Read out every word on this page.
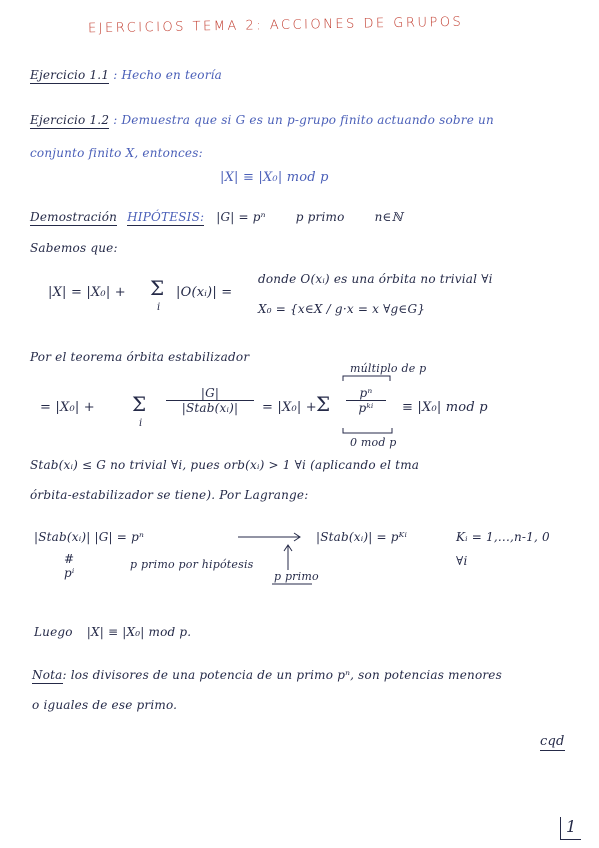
EJERCICIOS TEMA 2: ACCIONES DE GRUPOS
Ejercicio 1.1 : Hecho en teoría
Ejercicio 1.2 : Demuestra que si G es un p-grupo finito actuando sobre un
conjunto finito X, entonces:
|X| ≡ |X₀| mod p
Demostración HIPÓTESIS: |G| = pⁿ	p primo	n∈ℕ
Sabemos que:
|X| = |X₀| + Σ
i
|O(xᵢ)| =
donde O(xᵢ) es una órbita no trivial ∀i
X₀ = {x∈X / g·x = x ∀g∈G}
Por el teorema órbita estabilizador
múltiplo de p
= |X₀| + Σ
i
|G|
|Stab(xᵢ)|	= |X₀| + Σ	pⁿ
pᵏⁱ	≡ |X₀| mod p
0 mod p
Stab(xᵢ) ≤ G no trivial ∀i, pues orb(xᵢ) > 1 ∀i (aplicando el tma
órbita-estabilizador se tiene). Por Lagrange:
|Stab(xᵢ)| |G| = pⁿ	|Stab(xᵢ)| = pᴷⁱ	Kᵢ = 1,...,n-1, 0
#
pⁱ
p primo por hipótesis
p primo
∀i
Luego |X| ≡ |X₀| mod p.
Nota: los divisores de una potencia de un primo pⁿ, son potencias menores
o iguales de ese primo.
cqd
1
